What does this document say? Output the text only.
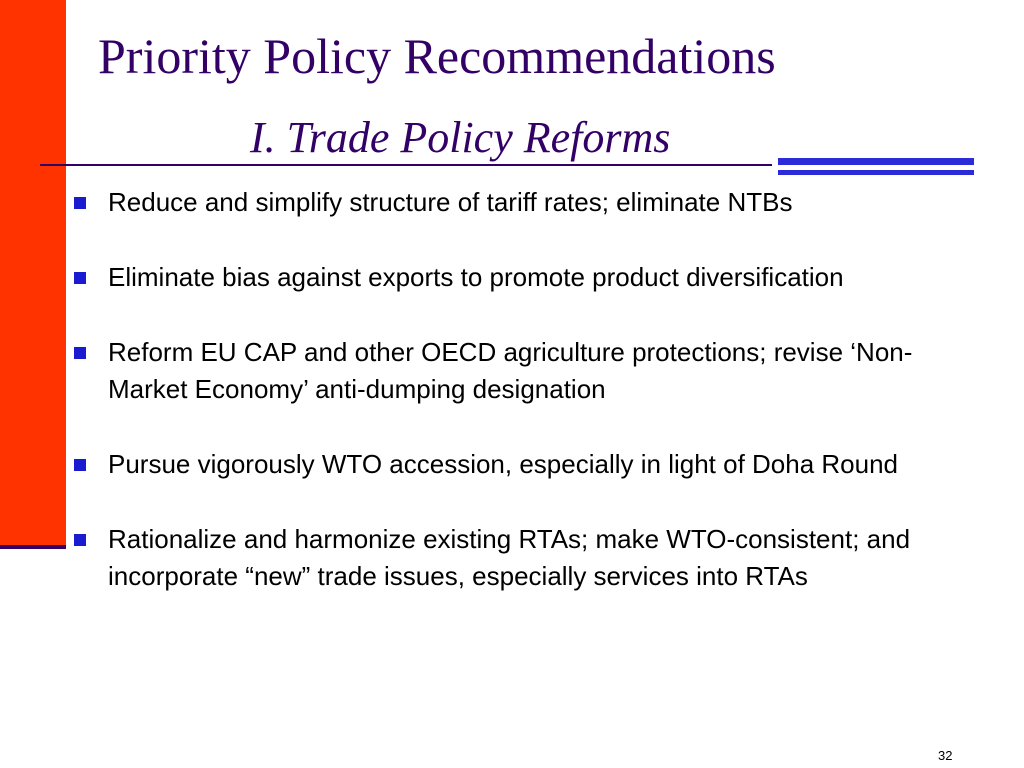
Priority Policy Recommendations
I. Trade Policy Reforms
Reduce and simplify structure of tariff rates; eliminate NTBs
Eliminate bias against exports to promote product diversification
Reform EU CAP and other OECD agriculture protections; revise ‘Non-Market Economy’ anti-dumping designation
Pursue vigorously WTO accession, especially in light of Doha Round
Rationalize and harmonize existing RTAs; make WTO-consistent; and incorporate “new” trade issues, especially services into RTAs
32
